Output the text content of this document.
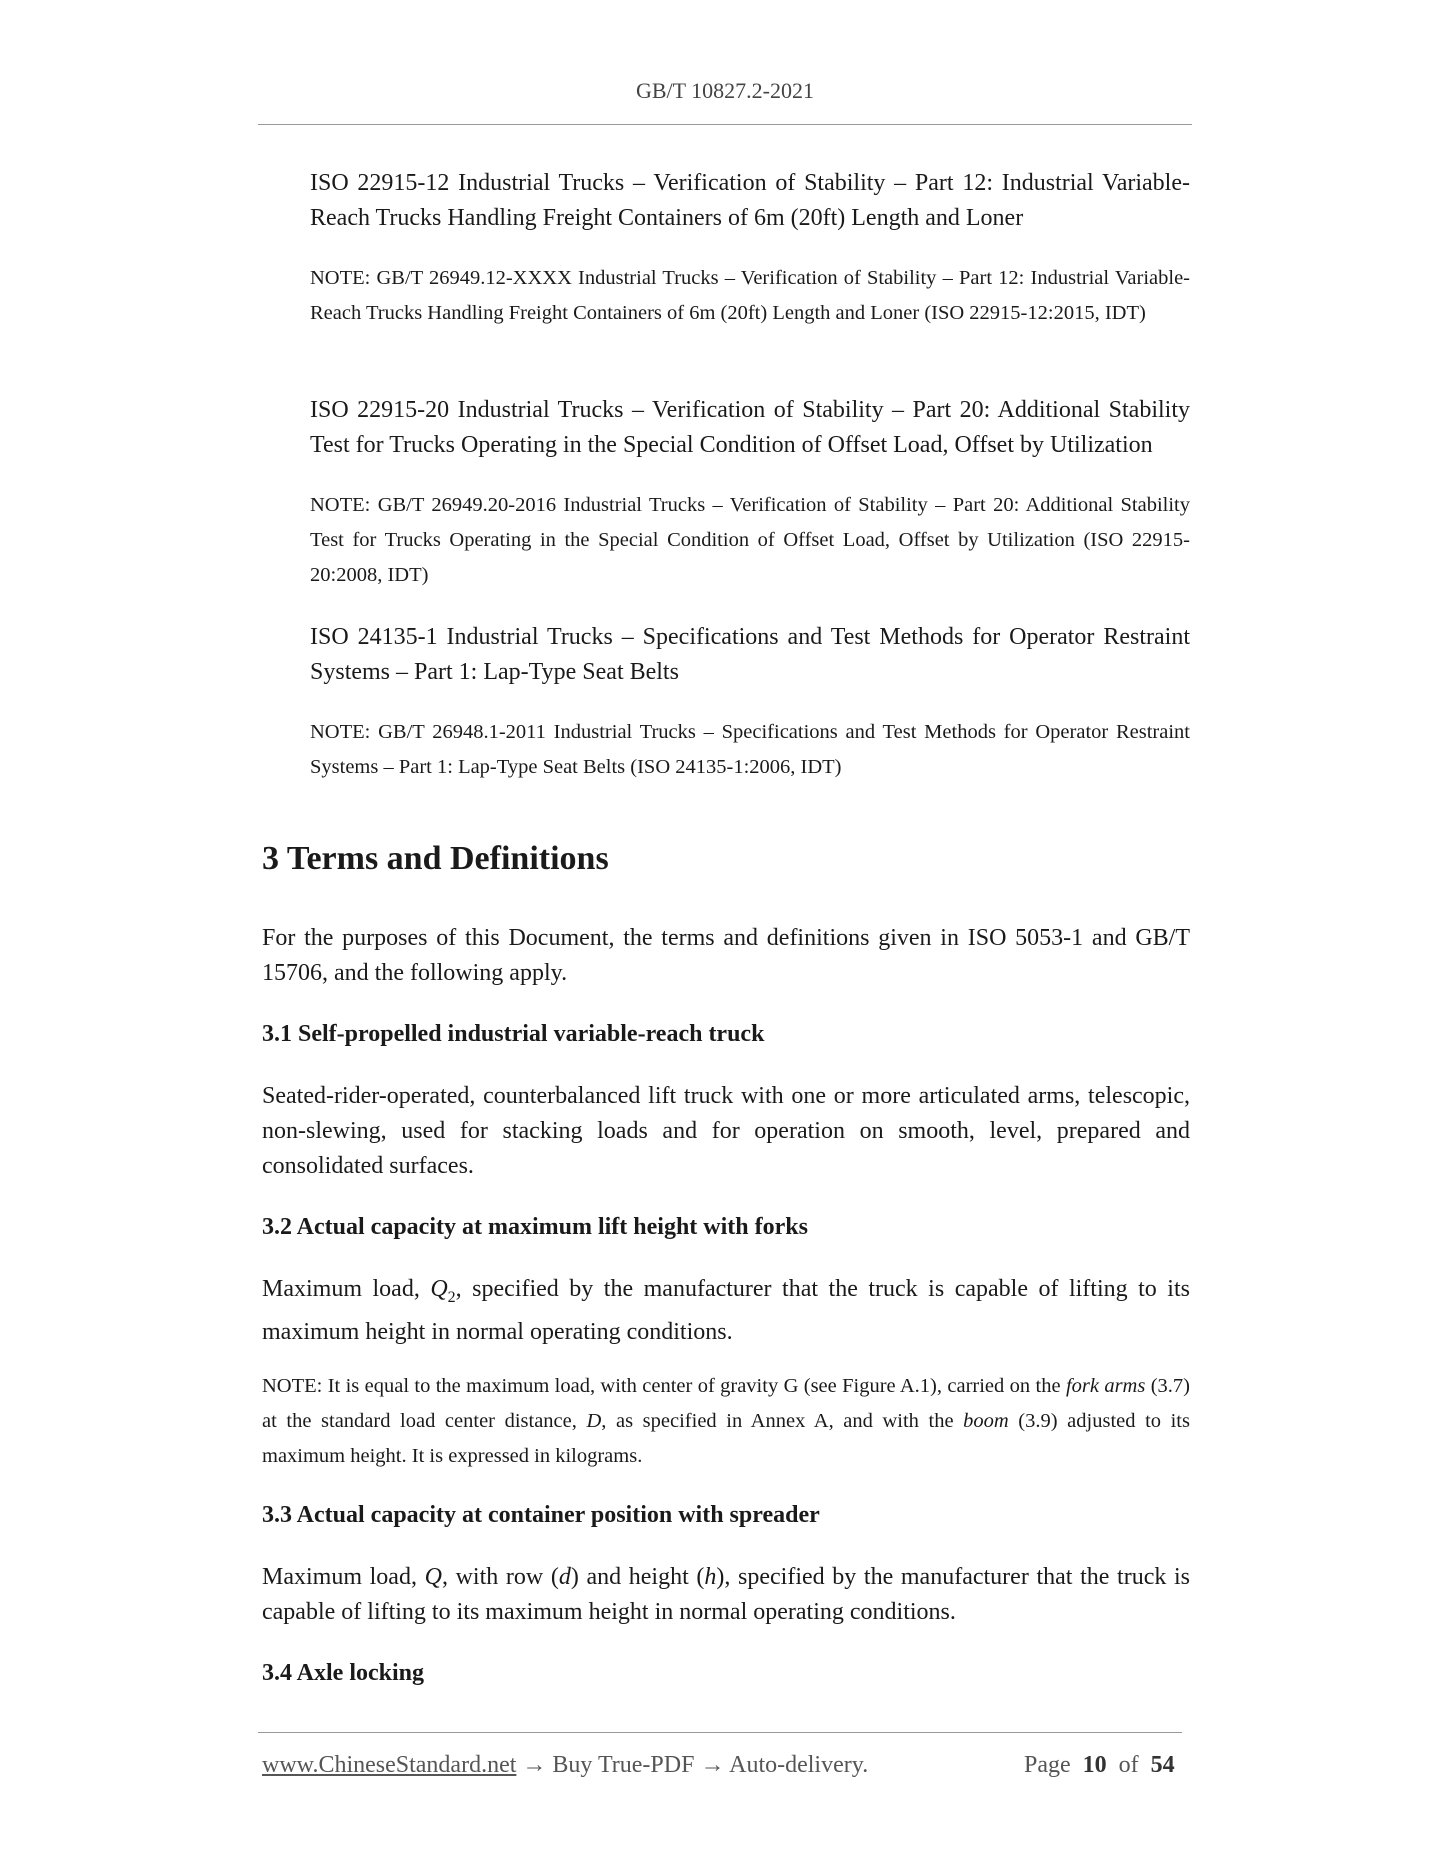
GB/T 10827.2-2021
ISO 22915-12 Industrial Trucks – Verification of Stability – Part 12: Industrial Variable-Reach Trucks Handling Freight Containers of 6m (20ft) Length and Loner
NOTE: GB/T 26949.12-XXXX Industrial Trucks – Verification of Stability – Part 12: Industrial Variable-Reach Trucks Handling Freight Containers of 6m (20ft) Length and Loner (ISO 22915-12:2015, IDT)
ISO 22915-20 Industrial Trucks – Verification of Stability – Part 20: Additional Stability Test for Trucks Operating in the Special Condition of Offset Load, Offset by Utilization
NOTE: GB/T 26949.20-2016 Industrial Trucks – Verification of Stability – Part 20: Additional Stability Test for Trucks Operating in the Special Condition of Offset Load, Offset by Utilization (ISO 22915-20:2008, IDT)
ISO 24135-1 Industrial Trucks – Specifications and Test Methods for Operator Restraint Systems – Part 1: Lap-Type Seat Belts
NOTE: GB/T 26948.1-2011 Industrial Trucks – Specifications and Test Methods for Operator Restraint Systems – Part 1: Lap-Type Seat Belts (ISO 24135-1:2006, IDT)
3 Terms and Definitions
For the purposes of this Document, the terms and definitions given in ISO 5053-1 and GB/T 15706, and the following apply.
3.1 Self-propelled industrial variable-reach truck
Seated-rider-operated, counterbalanced lift truck with one or more articulated arms, telescopic, non-slewing, used for stacking loads and for operation on smooth, level, prepared and consolidated surfaces.
3.2 Actual capacity at maximum lift height with forks
Maximum load, $Q_2$, specified by the manufacturer that the truck is capable of lifting to its maximum height in normal operating conditions.
NOTE: It is equal to the maximum load, with center of gravity G (see Figure A.1), carried on the fork arms (3.7) at the standard load center distance, D, as specified in Annex A, and with the boom (3.9) adjusted to its maximum height. It is expressed in kilograms.
3.3 Actual capacity at container position with spreader
Maximum load, Q, with row (d) and height (h), specified by the manufacturer that the truck is capable of lifting to its maximum height in normal operating conditions.
3.4 Axle locking
www.ChineseStandard.net → Buy True-PDF → Auto-delivery.	Page 10 of 54
